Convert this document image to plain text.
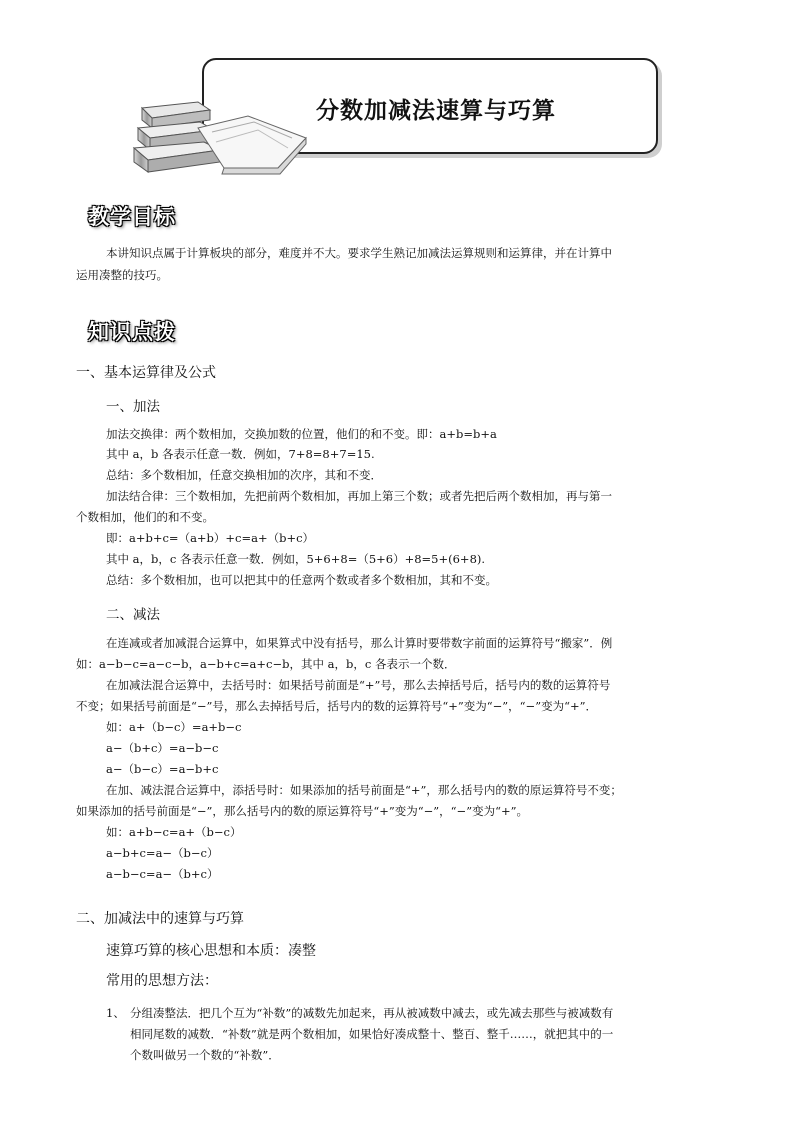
分数加减法速算与巧算
教学目标
本讲知识点属于计算板块的部分，难度并不大。要求学生熟记加减法运算规则和运算律，并在计算中
运用凑整的技巧。
知识点拨
一、基本运算律及公式
一、加法
加法交换律：两个数相加，交换加数的位置，他们的和不变。即：a+b=b+a
其中 a，b 各表示任意一数．例如，7+8=8+7=15.
总结：多个数相加，任意交换相加的次序，其和不变．
加法结合律：三个数相加，先把前两个数相加，再加上第三个数；或者先把后两个数相加，再与第一
个数相加，他们的和不变。
即：a+b+c=（a+b）+c=a+（b+c）
其中 a，b，c 各表示任意一数．例如，5+6+8=（5+6）+8=5+(6+8).
总结：多个数相加，也可以把其中的任意两个数或者多个数相加，其和不变。
二、减法
在连减或者加减混合运算中，如果算式中没有括号，那么计算时要带数字前面的运算符号“搬家”．例
如：a−b−c=a−c−b，a−b+c=a+c−b，其中 a，b，c 各表示一个数．
在加减法混合运算中，去括号时：如果括号前面是“+”号，那么去掉括号后，括号内的数的运算符号
不变；如果括号前面是“−”号，那么去掉括号后，括号内的数的运算符号“+”变为“−”，“−”变为“+”．
如：a+（b−c）=a+b−c
a−（b+c）=a−b−c
a−（b−c）=a−b+c
在加、减法混合运算中，添括号时：如果添加的括号前面是“+”，那么括号内的数的原运算符号不变；
如果添加的括号前面是“−”，那么括号内的数的原运算符号“+”变为“−”，“−”变为“+”。
如：a+b−c=a+（b−c）
a−b+c=a−（b−c）
a−b−c=a−（b+c）
二、加减法中的速算与巧算
速算巧算的核心思想和本质：凑整
常用的思想方法：
1、 分组凑整法．把几个互为“补数”的减数先加起来，再从被减数中减去，或先减去那些与被减数有
相同尾数的减数．“补数”就是两个数相加，如果恰好凑成整十、整百、整千……，就把其中的一
个数叫做另一个数的“补数”．
